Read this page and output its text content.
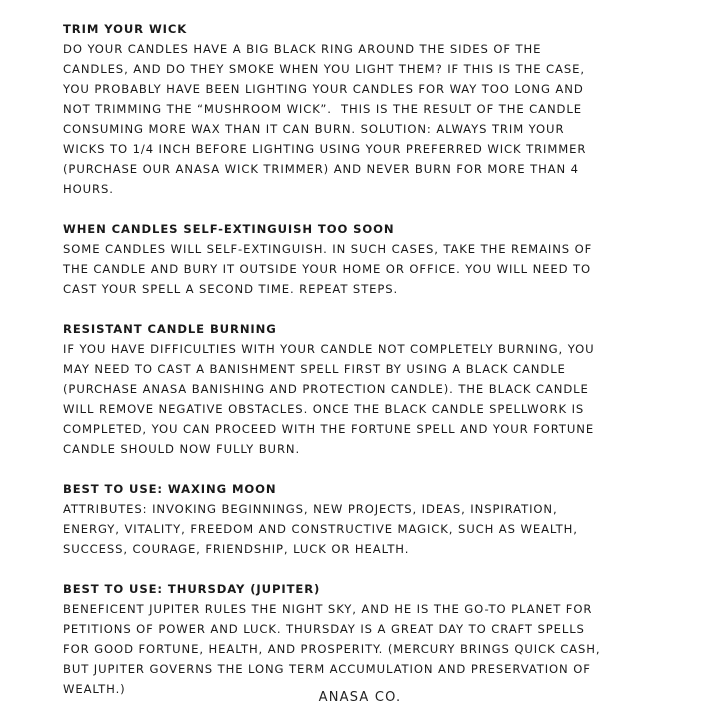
TRIM YOUR WICK
DO YOUR CANDLES HAVE A BIG BLACK RING AROUND THE SIDES OF THE
CANDLES, AND DO THEY SMOKE WHEN YOU LIGHT THEM? IF THIS IS THE CASE,
YOU PROBABLY HAVE BEEN LIGHTING YOUR CANDLES FOR WAY TOO LONG AND
NOT TRIMMING THE “MUSHROOM WICK”.  THIS IS THE RESULT OF THE CANDLE
CONSUMING MORE WAX THAN IT CAN BURN. SOLUTION: ALWAYS TRIM YOUR
WICKS TO 1/4 INCH BEFORE LIGHTING USING YOUR PREFERRED WICK TRIMMER
(PURCHASE OUR ANASA WICK TRIMMER) AND NEVER BURN FOR MORE THAN 4
HOURS.
WHEN CANDLES SELF-EXTINGUISH TOO SOON
SOME CANDLES WILL SELF-EXTINGUISH. IN SUCH CASES, TAKE THE REMAINS OF
THE CANDLE AND BURY IT OUTSIDE YOUR HOME OR OFFICE. YOU WILL NEED TO
CAST YOUR SPELL A SECOND TIME. REPEAT STEPS.
RESISTANT CANDLE BURNING
IF YOU HAVE DIFFICULTIES WITH YOUR CANDLE NOT COMPLETELY BURNING, YOU
MAY NEED TO CAST A BANISHMENT SPELL FIRST BY USING A BLACK CANDLE
(PURCHASE ANASA BANISHING AND PROTECTION CANDLE). THE BLACK CANDLE
WILL REMOVE NEGATIVE OBSTACLES. ONCE THE BLACK CANDLE SPELLWORK IS
COMPLETED, YOU CAN PROCEED WITH THE FORTUNE SPELL AND YOUR FORTUNE
CANDLE SHOULD NOW FULLY BURN.
BEST TO USE: WAXING MOON
ATTRIBUTES: INVOKING BEGINNINGS, NEW PROJECTS, IDEAS, INSPIRATION,
ENERGY, VITALITY, FREEDOM AND CONSTRUCTIVE MAGICK, SUCH AS WEALTH,
SUCCESS, COURAGE, FRIENDSHIP, LUCK OR HEALTH.
BEST TO USE: THURSDAY (JUPITER)
BENEFICENT JUPITER RULES THE NIGHT SKY, AND HE IS THE GO-TO PLANET FOR
PETITIONS OF POWER AND LUCK. THURSDAY IS A GREAT DAY TO CRAFT SPELLS
FOR GOOD FORTUNE, HEALTH, AND PROSPERITY. (MERCURY BRINGS QUICK CASH,
BUT JUPITER GOVERNS THE LONG TERM ACCUMULATION AND PRESERVATION OF
WEALTH.)
ANASA CO.
